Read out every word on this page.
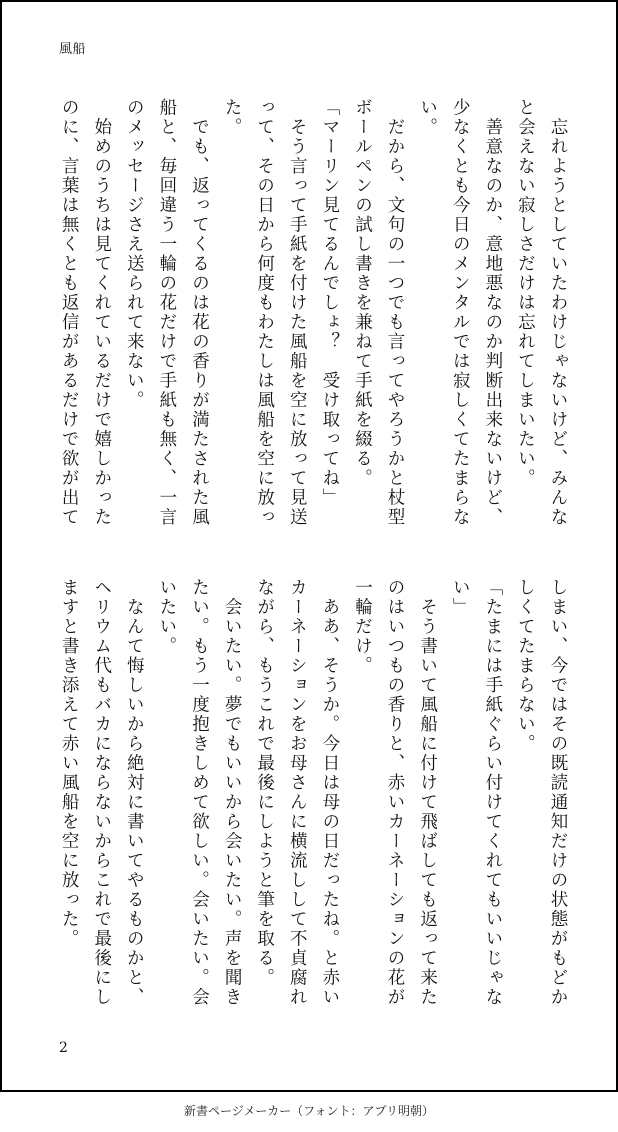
風船
　忘れようとしていたわけじゃないけど、みんな
と会えない寂しさだけは忘れてしまいたい。
　善意なのか、意地悪なのか判断出来ないけど、
少なくとも今日のメンタルでは寂しくてたまらな
い。
　だから、文句の一つでも言ってやろうかと杖型
ボールペンの試し書きを兼ねて手紙を綴る。
「マーリン見てるんでしょ？　受け取ってね」
　そう言って手紙を付けた風船を空に放って見送
って、その日から何度もわたしは風船を空に放っ
た。
　でも、返ってくるのは花の香りが満たされた風
船と、毎回違う一輪の花だけで手紙も無く、一言
のメッセージさえ送られて来ない。
　始めのうちは見てくれているだけで嬉しかった
のに、言葉は無くとも返信があるだけで欲が出て
しまい、今ではその既読通知だけの状態がもどか
しくてたまらない。
「たまには手紙ぐらい付けてくれてもいいじゃな
い」
　そう書いて風船に付けて飛ばしても返って来た
のはいつもの香りと、赤いカーネーションの花が
一輪だけ。
　ああ、そうか。今日は母の日だったね。と赤い
カーネーションをお母さんに横流しして不貞腐れ
ながら、もうこれで最後にしようと筆を取る。
　会いたい。夢でもいいから会いたい。声を聞き
たい。もう一度抱きしめて欲しい。会いたい。会
いたい。
　なんて悔しいから絶対に書いてやるものかと、
ヘリウム代もバカにならないからこれで最後にし
ますと書き添えて赤い風船を空に放った。
2
新書ページメーカー（フォント：アプリ明朝）
